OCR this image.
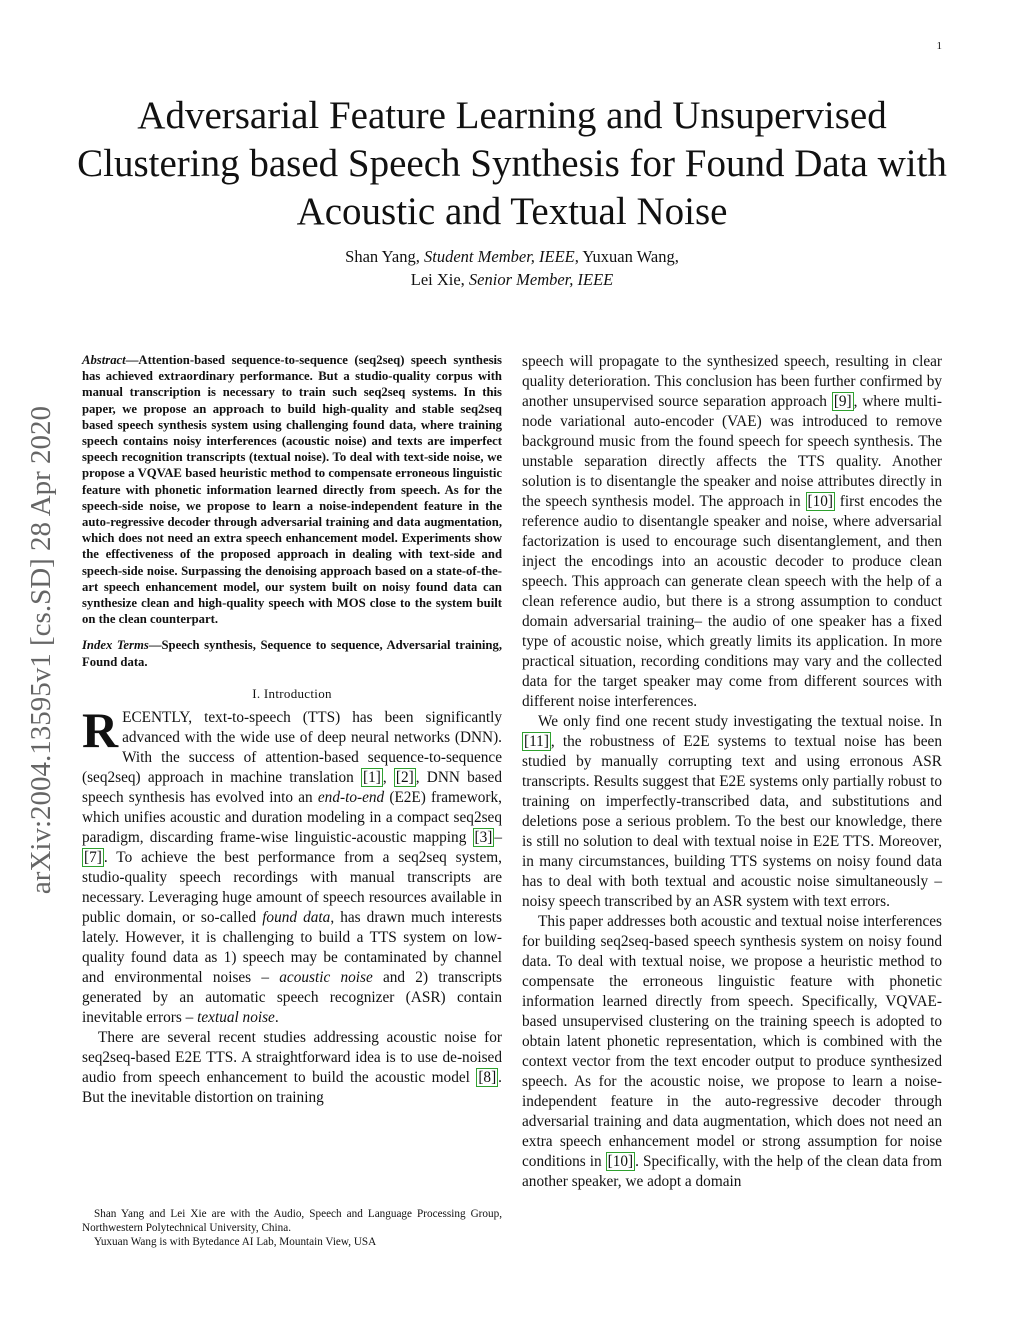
1
Adversarial Feature Learning and Unsupervised Clustering based Speech Synthesis for Found Data with Acoustic and Textual Noise
Shan Yang, Student Member, IEEE, Yuxuan Wang,
Lei Xie, Senior Member, IEEE
arXiv:2004.13595v1 [cs.SD] 28 Apr 2020

Abstract—Attention-based sequence-to-sequence (seq2seq) speech synthesis has achieved extraordinary performance. But a studio-quality corpus with manual transcription is necessary to train such seq2seq systems. In this paper, we propose an approach to build high-quality and stable seq2seq based speech synthesis system using challenging found data, where training speech contains noisy interferences (acoustic noise) and texts are imperfect speech recognition transcripts (textual noise). To deal with text-side noise, we propose a VQVAE based heuristic method to compensate erroneous linguistic feature with phonetic information learned directly from speech. As for the speech-side noise, we propose to learn a noise-independent feature in the auto-regressive decoder through adversarial training and data augmentation, which does not need an extra speech enhancement model. Experiments show the effectiveness of the proposed approach in dealing with text-side and speech-side noise. Surpassing the denoising approach based on a state-of-the-art speech enhancement model, our system built on noisy found data can synthesize clean and high-quality speech with MOS close to the system built on the clean counterpart.

Index Terms—Speech synthesis, Sequence to sequence, Adversarial training, Found data.

I. Introduction

RECENTLY, text-to-speech (TTS) has been significantly advanced with the wide use of deep neural networks (DNN). With the success of attention-based sequence-to-sequence (seq2seq) approach in machine translation [1] , [2] , DNN based speech synthesis has evolved into an end-to-end (E2E) framework, which unifies acoustic and duration modeling in a compact seq2seq paradigm, discarding frame-wise linguistic-acoustic mapping [3] –[7] . To achieve the best performance from a seq2seq system, studio-quality speech recordings with manual transcripts are necessary. Leveraging huge amount of speech resources available in public domain, or so-called found data, has drawn much interests lately. However, it is challenging to build a TTS system on low-quality found data as 1) speech may be contaminated by channel and environmental noises – acoustic noise and 2) transcripts generated by an automatic speech recognizer (ASR) contain inevitable errors – textual noise.

There are several recent studies addressing acoustic noise for seq2seq-based E2E TTS. A straightforward idea is to use de-noised audio from speech enhancement to build the acoustic model [8] . But the inevitable distortion on training

Shan Yang and Lei Xie are with the Audio, Speech and Language Processing Group, Northwestern Polytechnical University, China.

Yuxuan Wang is with Bytedance AI Lab, Mountain View, USA

speech will propagate to the synthesized speech, resulting in clear quality deterioration. This conclusion has been further confirmed by another unsupervised source separation approach [9] , where multi-node variational auto-encoder (VAE) was introduced to remove background music from the found speech for speech synthesis. The unstable separation directly affects the TTS quality. Another solution is to disentangle the speaker and noise attributes directly in the speech synthesis model. The approach in [10] first encodes the reference audio to disentangle speaker and noise, where adversarial factorization is used to encourage such disentanglement, and then inject the encodings into an acoustic decoder to produce clean speech. This approach can generate clean speech with the help of a clean reference audio, but there is a strong assumption to conduct domain adversarial training– the audio of one speaker has a fixed type of acoustic noise, which greatly limits its application. In more practical situation, recording conditions may vary and the collected data for the target speaker may come from different sources with different noise interferences.

We only find one recent study investigating the textual noise. In [11] , the robustness of E2E systems to textual noise has been studied by manually corrupting text and using erronous ASR transcripts. Results suggest that E2E systems only partially robust to training on imperfectly-transcribed data, and substitutions and deletions pose a serious problem. To the best our knowledge, there is still no solution to deal with textual noise in E2E TTS. Moreover, in many circumstances, building TTS systems on noisy found data has to deal with both textual and acoustic noise simultaneously – noisy speech transcribed by an ASR system with text errors.

This paper addresses both acoustic and textual noise interferences for building seq2seq-based speech synthesis system on noisy found data. To deal with textual noise, we propose a heuristic method to compensate the erroneous linguistic feature with phonetic information learned directly from speech. Specifically, VQVAE-based unsupervised clustering on the training speech is adopted to obtain latent phonetic representation, which is combined with the context vector from the text encoder output to produce synthesized speech. As for the acoustic noise, we propose to learn a noise-independent feature in the auto-regressive decoder through adversarial training and data augmentation, which does not need an extra speech enhancement model or strong assumption for noise conditions in [10] . Specifically, with the help of the clean data from another speaker, we adopt a domain
